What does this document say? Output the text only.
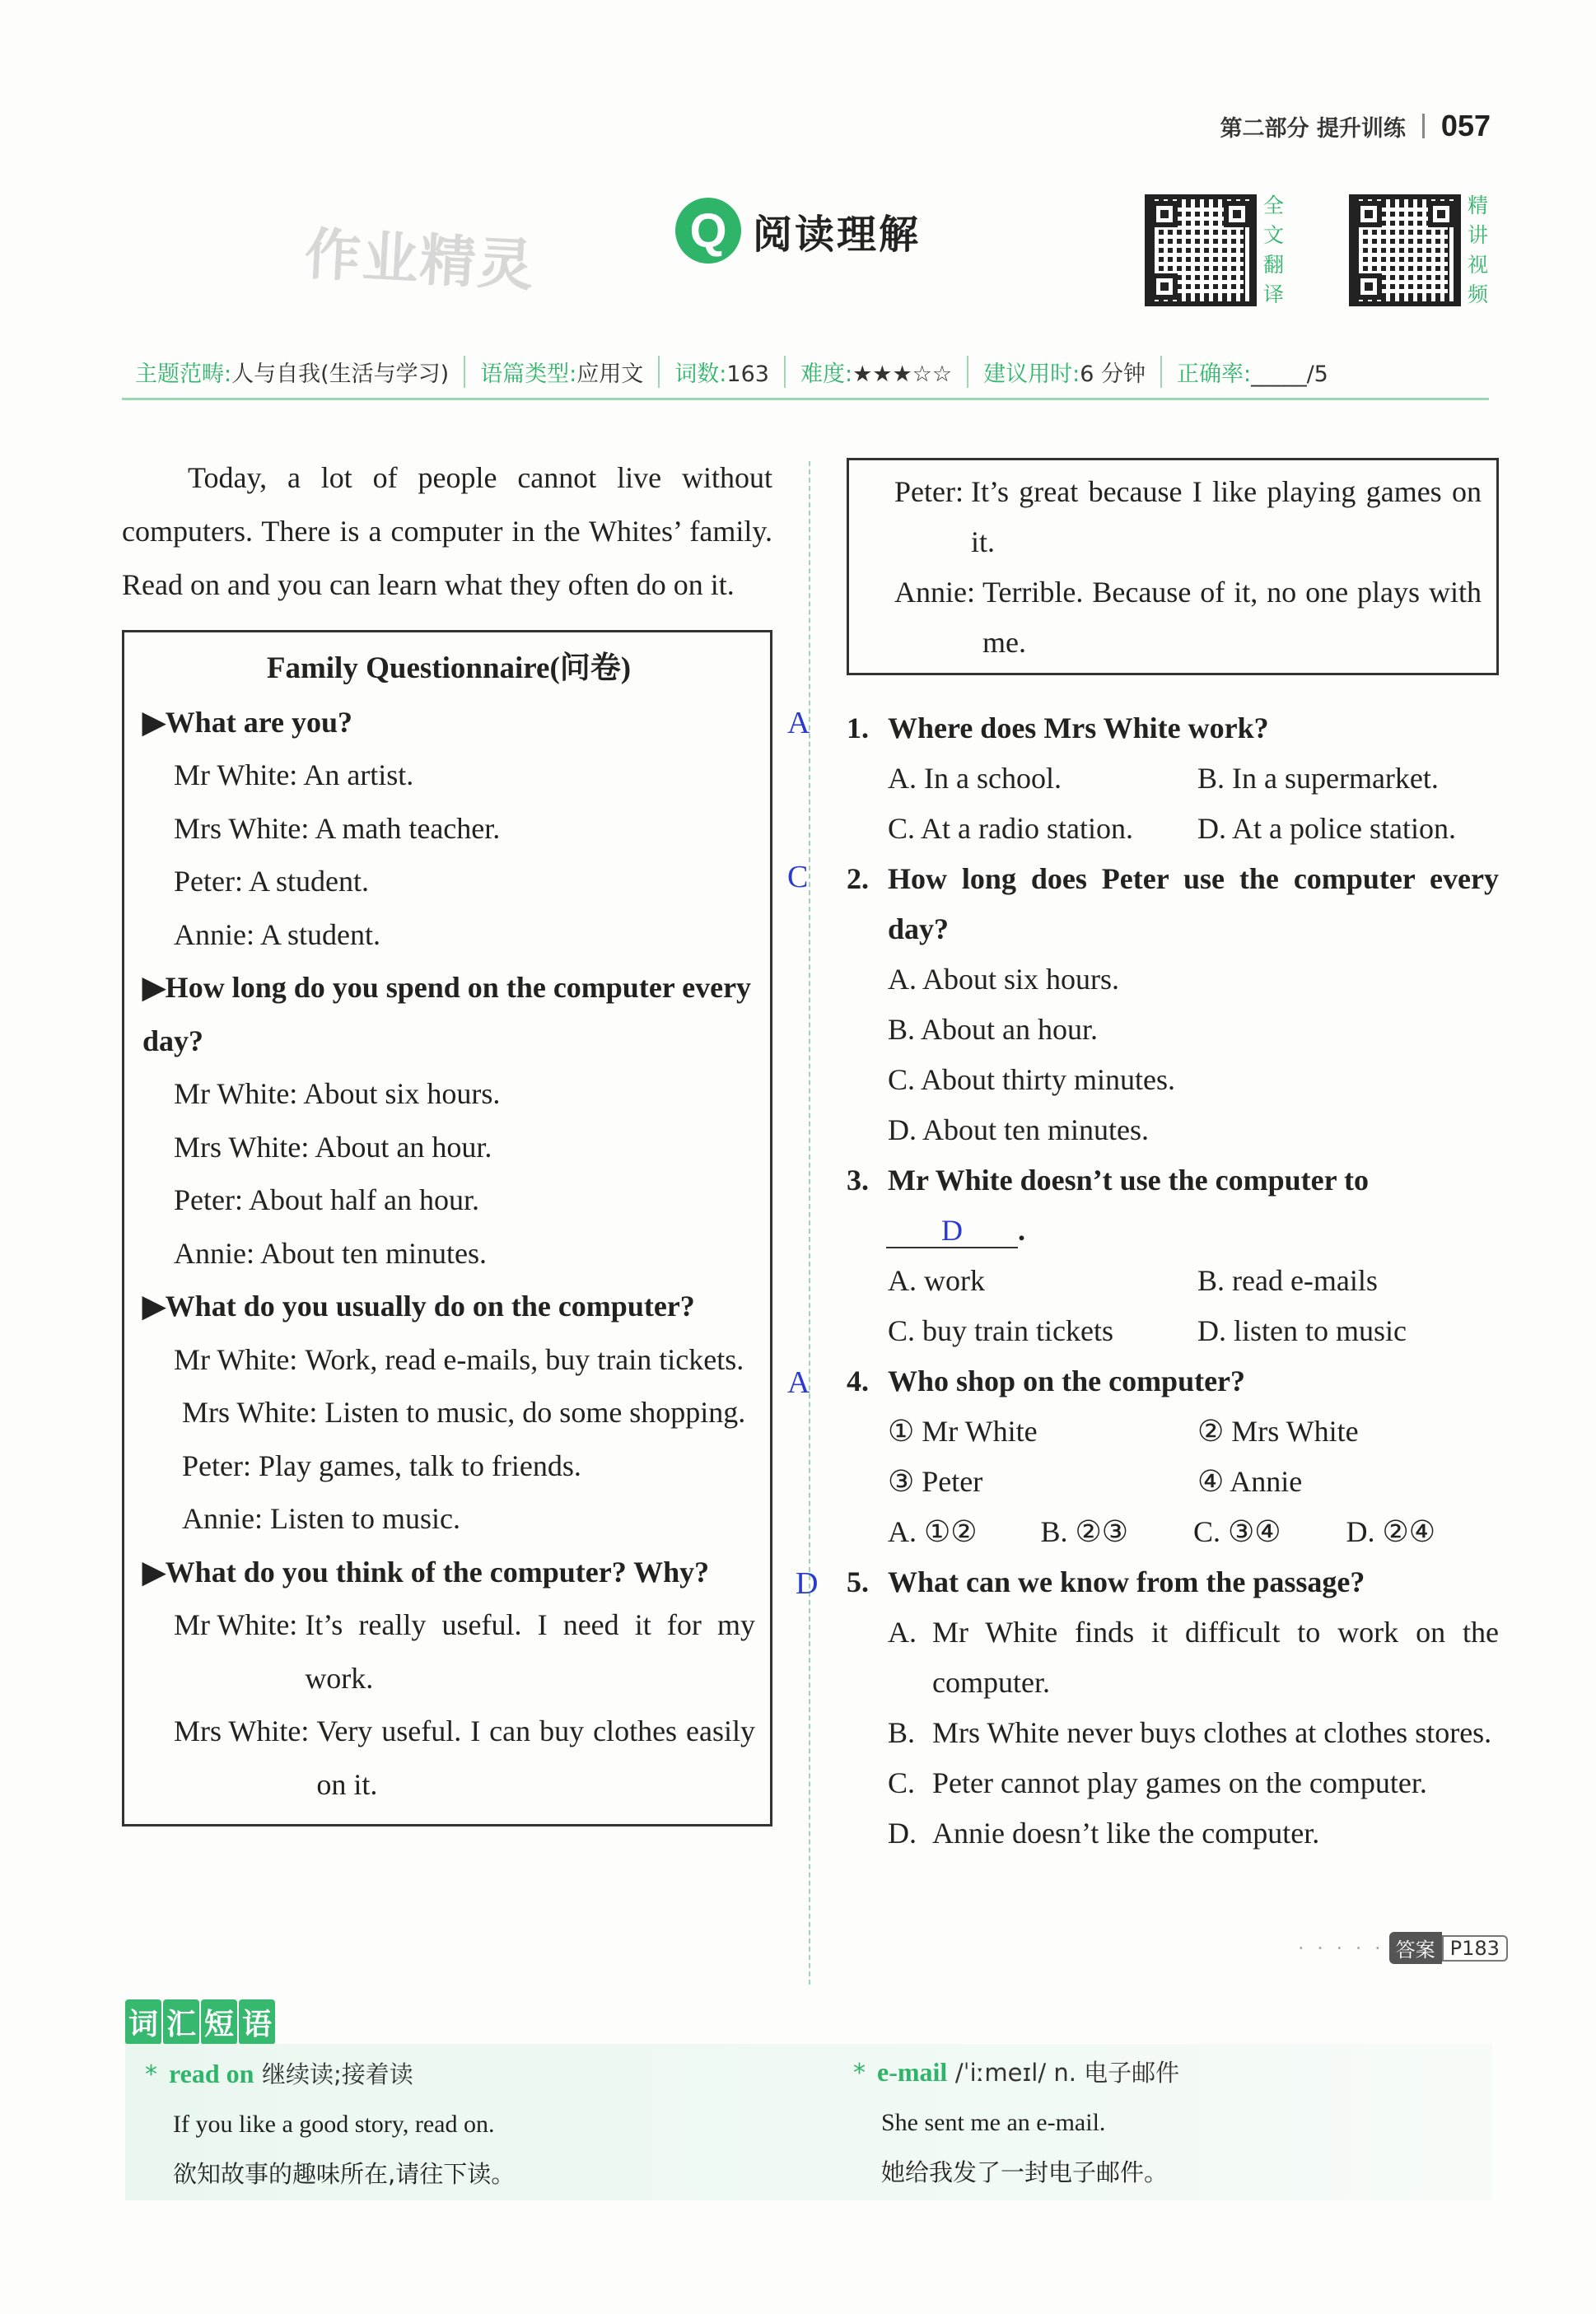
第二部分 提升训练 057
作业精灵	Q 阅读理解
全文翻译
精讲视频
主题范畴:人与自我(生活与学习)	语篇类型:应用文	词数:163	难度:★★★☆☆	建议用时:6 分钟	正确率:_____/5

Today, a lot of people cannot live without computers. There is a computer in the Whites’ family. Read on and you can learn what they often do on it.

Family Questionnaire(问卷)
▶What are you?
Mr White: An artist.
Mrs White: A math teacher.
Peter: A student.
Annie: A student.
▶How long do you spend on the computer every day?
Mr White: About six hours.
Mrs White: About an hour.
Peter: About half an hour.
Annie: About ten minutes.
▶What do you usually do on the computer?
Mr White:
Work, read e-mails, buy train tickets.
Mrs White:
Listen to music, do some shopping.
Peter: Play games, talk to friends.
Annie: Listen to music.
▶What do you think of the computer? Why?
Mr White:
It’s really useful. I need it for my work.
Mrs White:
Very useful. I can buy clothes easily on it.
Peter:
It’s great because I like playing games on it.
Annie:
Terrible. Because of it, no one plays with me.
A 1. Where does Mrs White work?
A. In a school.	B. In a supermarket.
C. At a radio station.	D. At a police station.
C 2. How long does Peter use the computer every day?
A. About six hours.
B. About an hour.
C. About thirty minutes.
D. About ten minutes.
3. Mr White doesn’t use the computer to
D .
A. work	B. read e-mails
C. buy train tickets	D. listen to music
A 4. Who shop on the computer?
① Mr White	② Mrs White
③ Peter	④ Annie
A. ①②	B. ②③	C. ③④	D. ②④
D 5. What can we know from the passage?
A. Mr White finds it difficult to work on the computer.
B. Mrs White never buys clothes at clothes stores.
C. Peter cannot play games on the computer.
D. Annie doesn’t like the computer.
· · · · · 答案 P183
词 汇 短 语
* read on 继续读;接着读
If you like a good story, read on.
欲知故事的趣味所在,请往下读。
* e-mail /ˈiːmeɪl/ n. 电子邮件
She sent me an e-mail.
她给我发了一封电子邮件。
